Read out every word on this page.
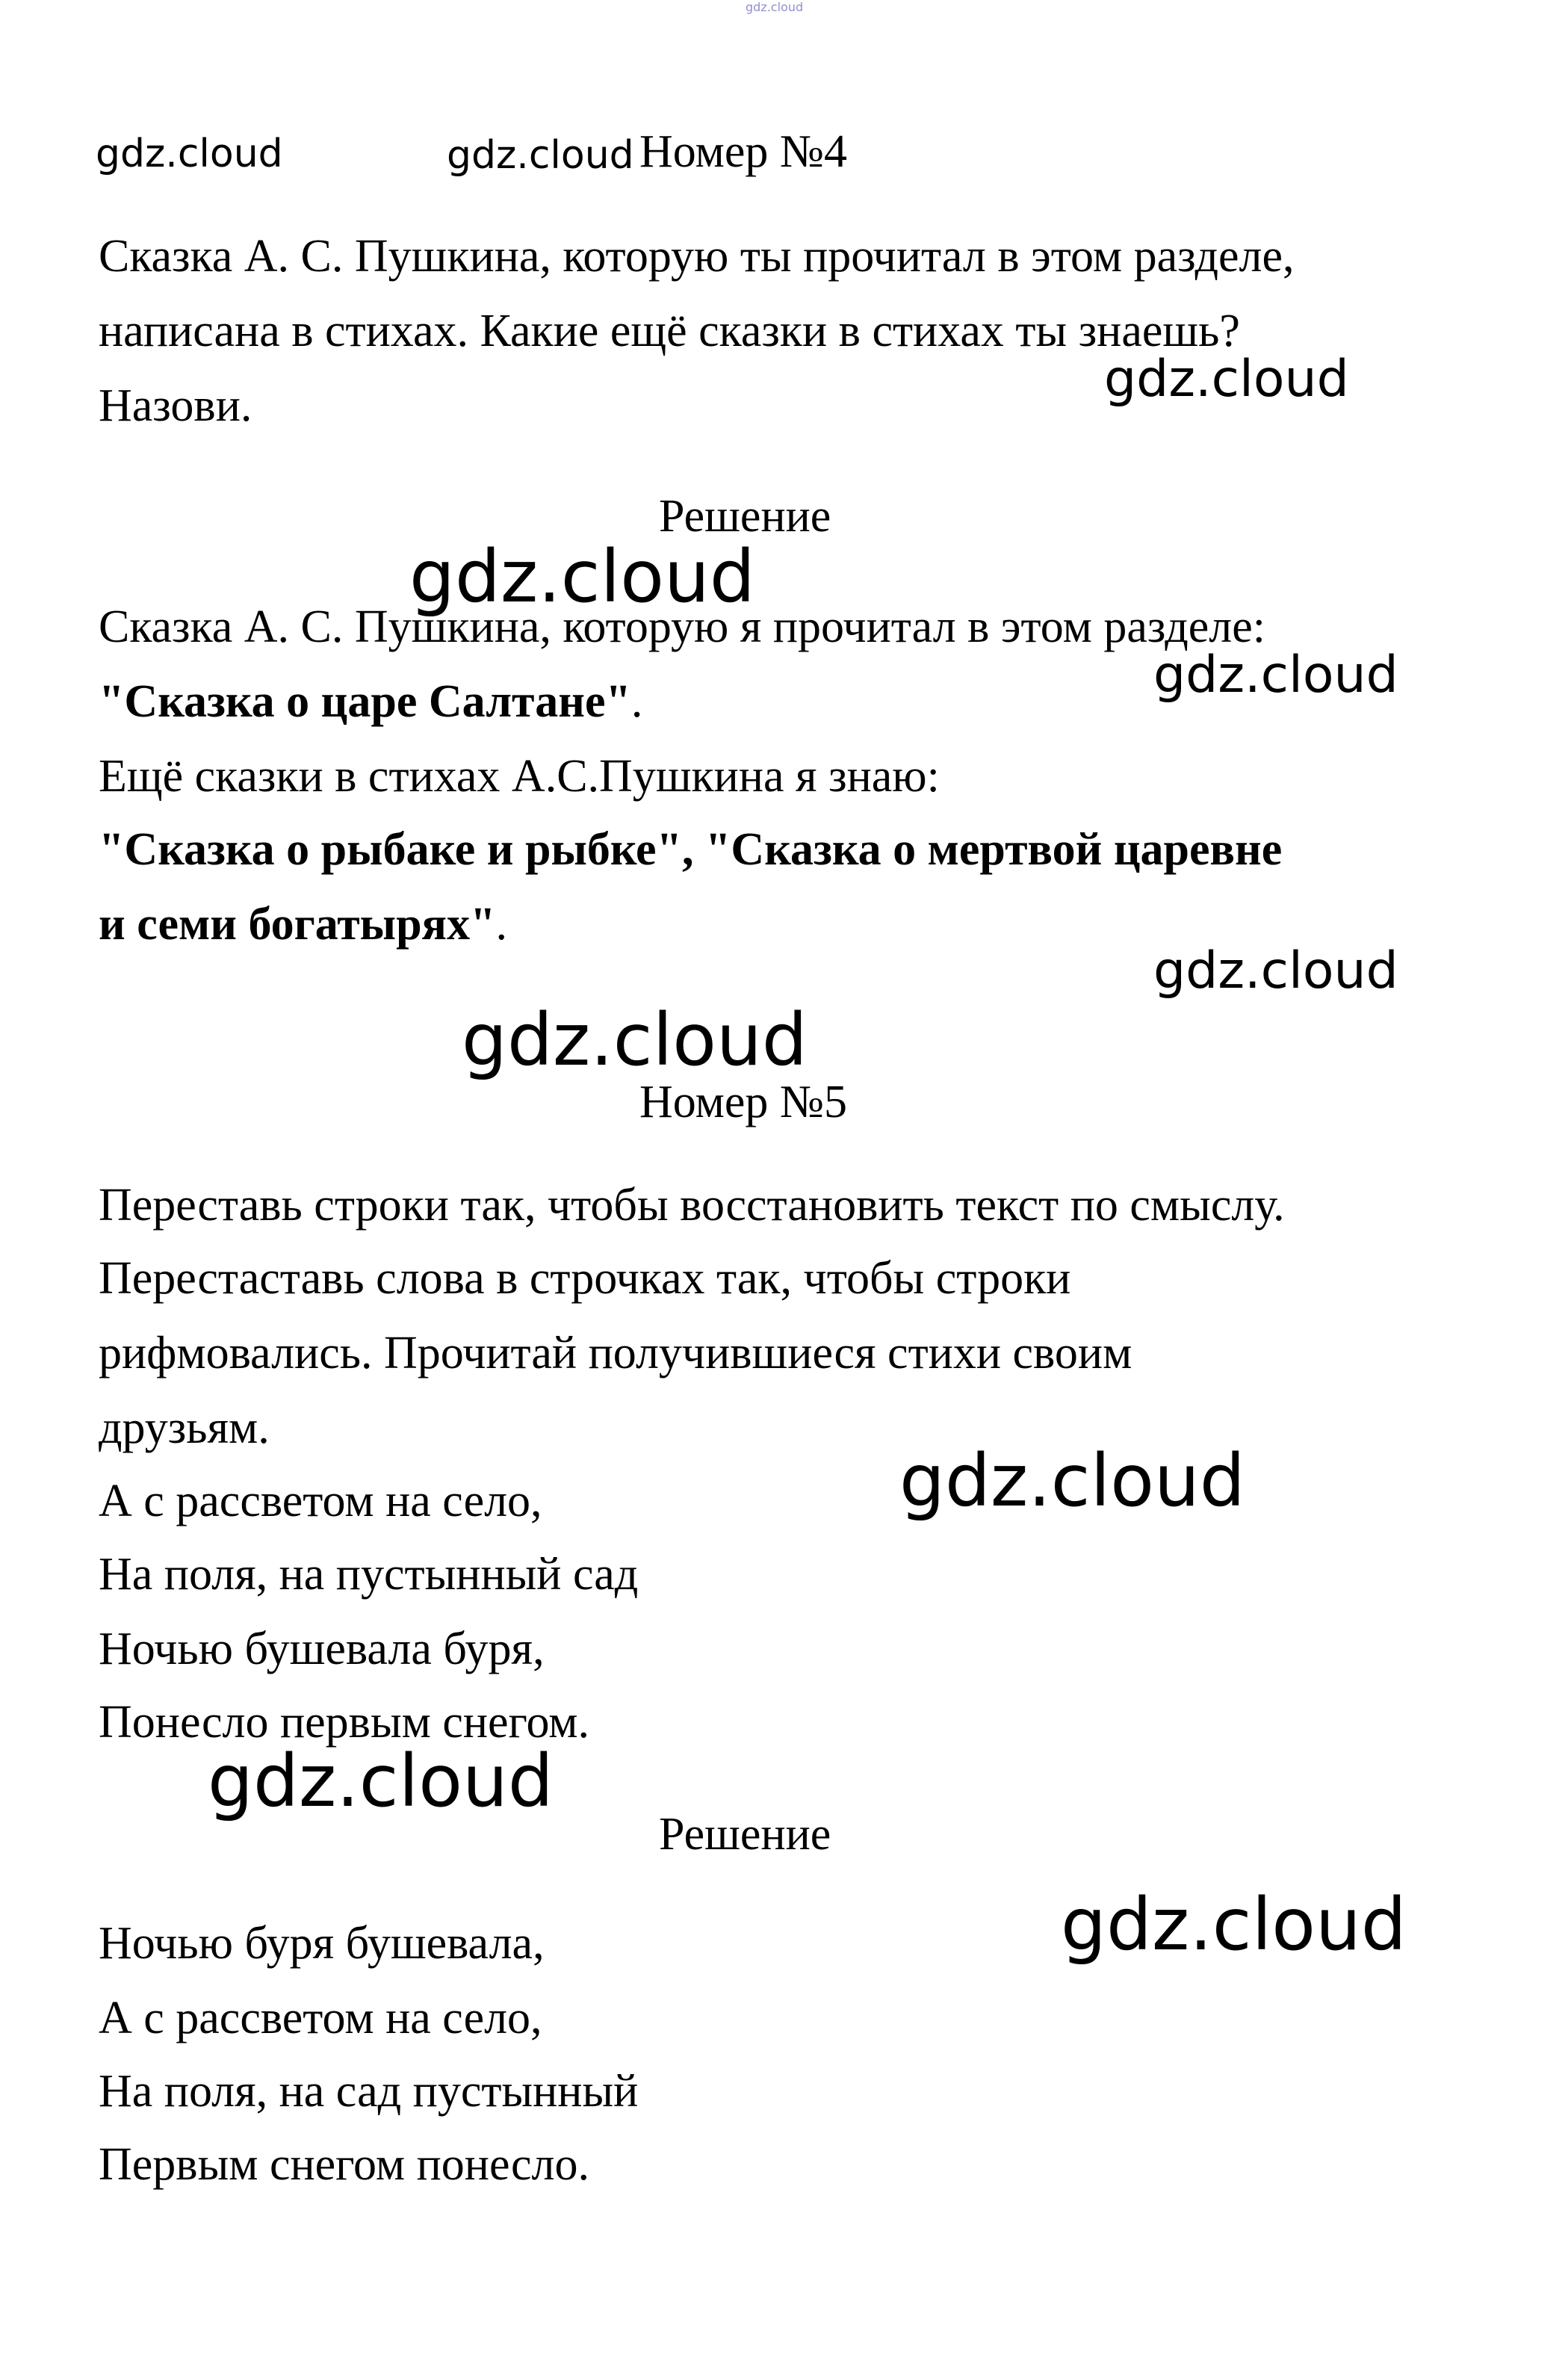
gdz.cloud
gdz.cloud	gdz.cloud
gdz.cloud
gdz.cloud
gdz.cloud
gdz.cloud
gdz.cloud
gdz.cloud
gdz.cloud
gdz.cloud
Номер №4
Сказка А. С. Пушкина, которую ты прочитал в этом разделе,
написана в стихах. Какие ещё сказки в стихах ты знаешь?
Назови.
Решение
Сказка А. С. Пушкина, которую я прочитал в этом разделе:
"Сказка о царе Салтане".
Ещё сказки в стихах А.С.Пушкина я знаю:
"Сказка о рыбаке и рыбке", "Сказка о мертвой царевне
и семи богатырях".
Номер №5
Переставь строки так, чтобы восстановить текст по смыслу.
Перестаставь слова в строчках так, чтобы строки
рифмовались. Прочитай получившиеся стихи своим
друзьям.
А с рассветом на село,
На поля, на пустынный сад
Ночью бушевала буря,
Понесло первым снегом.
Решение
Ночью буря бушевала,
А с рассветом на село,
На поля, на сад пустынный
Первым снегом понесло.
